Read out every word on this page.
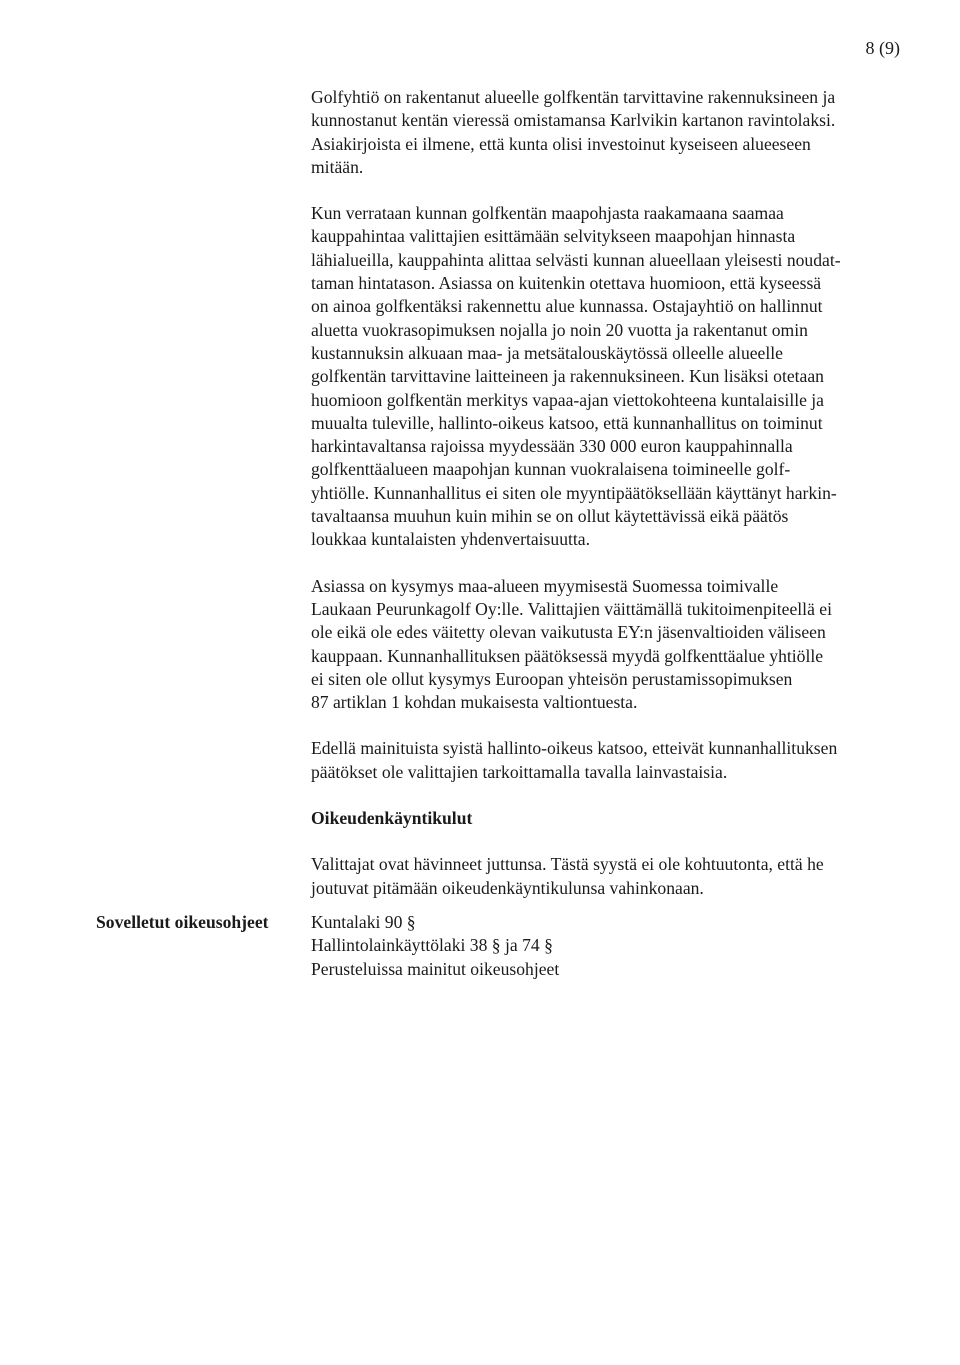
8 (9)

Golfyhtiö on rakentanut alueelle golfkentän tarvittavine rakennuksineen ja
kunnostanut kentän vieressä omistamansa Karlvikin kartanon ravintolaksi.
Asiakirjoista ei ilmene, että kunta olisi investoinut kyseiseen alueeseen
mitään.

Kun verrataan kunnan golfkentän maapohjasta raakamaana saamaa
kauppahintaa valittajien esittämään selvitykseen maapohjan hinnasta
lähialueilla, kauppahinta alittaa selvästi kunnan alueellaan yleisesti noudat-
taman hintatason. Asiassa on kuitenkin otettava huomioon, että kyseessä
on ainoa golfkentäksi rakennettu alue kunnassa. Ostajayhtiö on hallinnut
aluetta vuokrasopimuksen nojalla jo noin 20 vuotta ja rakentanut omin
kustannuksin alkuaan maa- ja metsätalouskäytössä olleelle alueelle
golfkentän tarvittavine laitteineen ja rakennuksineen. Kun lisäksi otetaan
huomioon golfkentän merkitys vapaa-ajan viettokohteena kuntalaisille ja
muualta tuleville, hallinto-oikeus katsoo, että kunnanhallitus on toiminut
harkintavaltansa rajoissa myydessään 330 000 euron kauppahinnalla
golfkenttäalueen maapohjan kunnan vuokralaisena toimineelle golf-
yhtiölle. Kunnanhallitus ei siten ole myyntipäätöksellään käyttänyt harkin-
tavaltaansa muuhun kuin mihin se on ollut käytettävissä eikä päätös
loukkaa kuntalaisten yhdenvertaisuutta.

Asiassa on kysymys maa-alueen myymisestä Suomessa toimivalle
Laukaan Peurunkagolf Oy:lle. Valittajien väittämällä tukitoimenpiteellä ei
ole eikä ole edes väitetty olevan vaikutusta EY:n jäsenvaltioiden väliseen
kauppaan. Kunnanhallituksen päätöksessä myydä golfkenttäalue yhtiölle
ei siten ole ollut kysymys Euroopan yhteisön perustamissopimuksen
87 artiklan 1 kohdan mukaisesta valtiontuesta.

Edellä mainituista syistä hallinto-oikeus katsoo, etteivät kunnanhallituksen
päätökset ole valittajien tarkoittamalla tavalla lainvastaisia.

Oikeudenkäyntikulut

Valittajat ovat hävinneet juttunsa. Tästä syystä ei ole kohtuutonta, että he
joutuvat pitämään oikeudenkäyntikulunsa vahinkonaan.

Sovelletut oikeusohjeet	Kuntalaki 90 §
Hallintolainkäyttölaki 38 § ja 74 §
Perusteluissa mainitut oikeusohjeet
